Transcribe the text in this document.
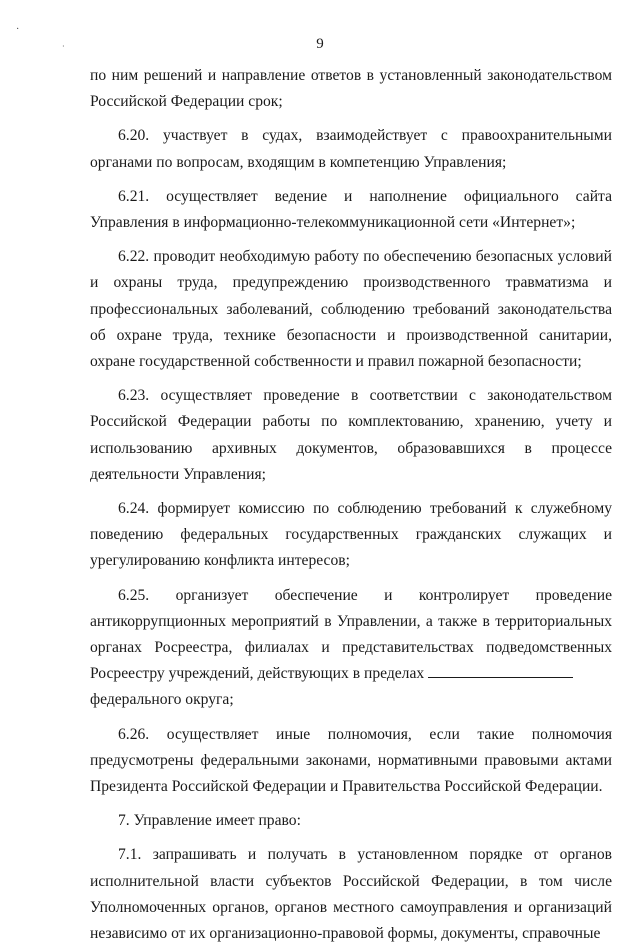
9
·
·

по ним решений и направление ответов в установленный законодательством Российской Федерации срок;

6.20. участвует в судах, взаимодействует с правоохранительными органами по вопросам, входящим в компетенцию Управления;

6.21. осуществляет ведение и наполнение официального сайта Управления в информационно-телекоммуникационной сети «Интернет»;

6.22. проводит необходимую работу по обеспечению безопасных условий и охраны труда, предупреждению производственного травматизма и профессиональных заболеваний, соблюдению требований законодательства об охране труда, технике безопасности и производственной санитарии, охране государственной собственности и правил пожарной безопасности;

6.23. осуществляет проведение в соответствии с законодательством Российской Федерации работы по комплектованию, хранению, учету и использованию архивных документов, образовавшихся в процессе деятельности Управления;

6.24. формирует комиссию по соблюдению требований к служебному поведению федеральных государственных гражданских служащих и урегулированию конфликта интересов;

6.25. организует обеспечение и контролирует проведение антикоррупционных мероприятий в Управлении, а также в территориальных органах Росреестра, филиалах и представительствах подведомственных Росреестру учреждений, действующих в пределах

федерального округа;

6.26. осуществляет иные полномочия, если такие полномочия предусмотрены федеральными законами, нормативными правовыми актами Президента Российской Федерации и Правительства Российской Федерации.

7. Управление имеет право:

7.1. запрашивать и получать в установленном порядке от органов исполнительной власти субъектов Российской Федерации, в том числе Уполномоченных органов, органов местного самоуправления и организаций независимо от их организационно-правовой формы, документы, справочные
